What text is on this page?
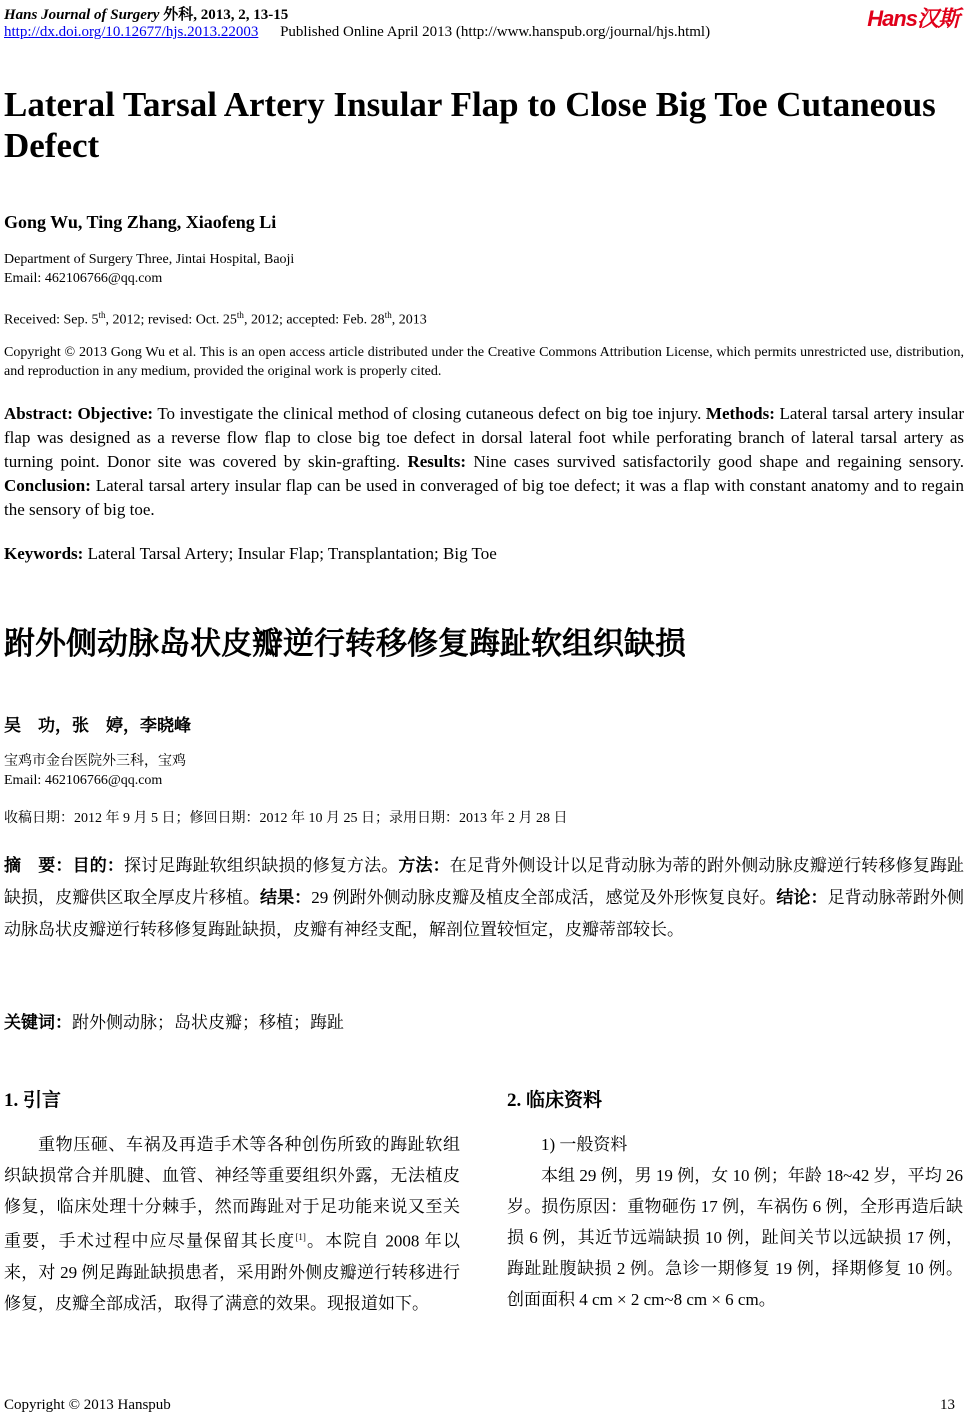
Hans Journal of Surgery 外科, 2013, 2, 13-15
http://dx.doi.org/10.12677/hjs.2013.22003 Published Online April 2013 (http://www.hanspub.org/journal/hjs.html)
Hans汉斯
Lateral Tarsal Artery Insular Flap to Close Big Toe Cutaneous Defect
Gong Wu, Ting Zhang, Xiaofeng Li
Department of Surgery Three, Jintai Hospital, Baoji
Email: 462106766@qq.com
Received: Sep. 5th, 2012; revised: Oct. 25th, 2012; accepted: Feb. 28th, 2013
Copyright © 2013 Gong Wu et al. This is an open access article distributed under the Creative Commons Attribution License, which permits unrestricted use, distribution, and reproduction in any medium, provided the original work is properly cited.
Abstract: Objective: To investigate the clinical method of closing cutaneous defect on big toe injury. Methods: Lateral tarsal artery insular flap was designed as a reverse flow flap to close big toe defect in dorsal lateral foot while perforating branch of lateral tarsal artery as turning point. Donor site was covered by skin-grafting. Results: Nine cases survived satisfactorily good shape and regaining sensory. Conclusion: Lateral tarsal artery insular flap can be used in converaged of big toe defect; it was a flap with constant anatomy and to regain the sensory of big toe.
Keywords: Lateral Tarsal Artery; Insular Flap; Transplantation; Big Toe
跗外侧动脉岛状皮瓣逆行转移修复踇趾软组织缺损
吴　功，张　婷，李晓峰
宝鸡市金台医院外三科，宝鸡
Email: 462106766@qq.com
收稿日期：2012 年 9 月 5 日；修回日期：2012 年 10 月 25 日；录用日期：2013 年 2 月 28 日
摘　要：目的：探讨足踇趾软组织缺损的修复方法。方法：在足背外侧设计以足背动脉为蒂的跗外侧动脉皮瓣逆行转移修复踇趾缺损，皮瓣供区取全厚皮片移植。结果：29 例跗外侧动脉皮瓣及植皮全部成活，感觉及外形恢复良好。结论：足背动脉蒂跗外侧动脉岛状皮瓣逆行转移修复踇趾缺损，皮瓣有神经支配，解剖位置较恒定，皮瓣蒂部较长。
关键词：跗外侧动脉；岛状皮瓣；移植；踇趾
1. 引言

重物压砸、车祸及再造手术等各种创伤所致的踇趾软组织缺损常合并肌腱、血管、神经等重要组织外露，无法植皮修复，临床处理十分棘手，然而踇趾对于足功能来说又至关重要，手术过程中应尽量保留其长度[1]。本院自 2008 年以来，对 29 例足踇趾缺损患者，采用跗外侧皮瓣逆行转移进行修复，皮瓣全部成活，取得了满意的效果。现报道如下。

2. 临床资料

1) 一般资料

本组 29 例，男 19 例，女 10 例；年龄 18~42 岁，平均 26 岁。损伤原因：重物砸伤 17 例，车祸伤 6 例，全形再造后缺损 6 例，其近节远端缺损 10 例，趾间关节以远缺损 17 例，踇趾趾腹缺损 2 例。急诊一期修复 19 例，择期修复 10 例。创面面积 4 cm × 2 cm~8 cm × 6 cm。

Copyright © 2013 Hanspub	13
